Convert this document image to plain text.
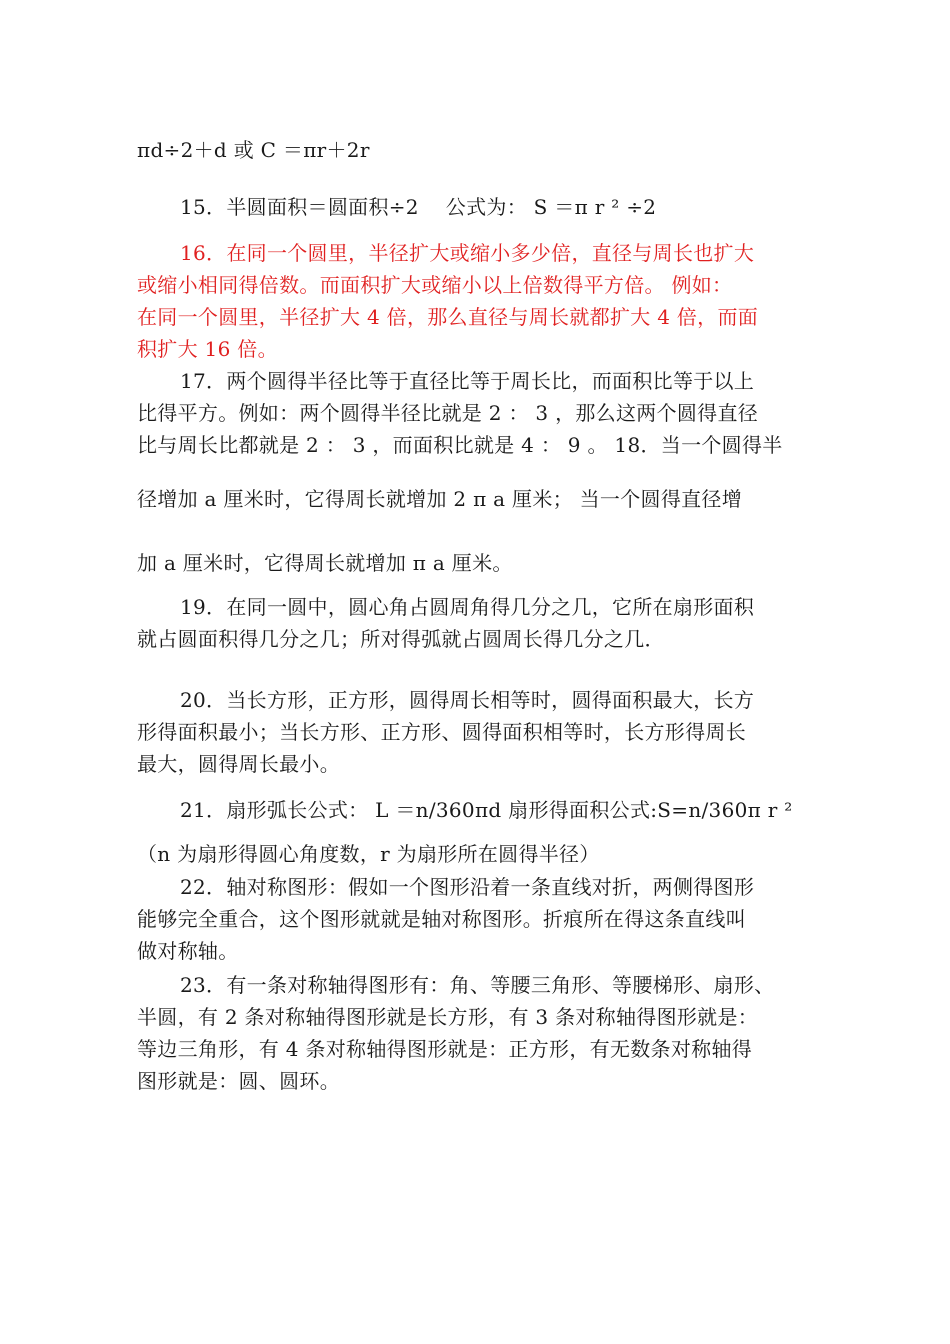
πd÷2＋d 或 C ＝πr＋2r
15．半圆面积＝圆面积÷2　 公式为： S ＝π r ² ÷2
16．在同一个圆里，半径扩大或缩小多少倍，直径与周长也扩大
或缩小相同得倍数。而面积扩大或缩小以上倍数得平方倍。 例如：
在同一个圆里，半径扩大 4 倍，那么直径与周长就都扩大 4 倍，而面
积扩大 16 倍。
17．两个圆得半径比等于直径比等于周长比，而面积比等于以上
比得平方。例如：两个圆得半径比就是 2 ： 3 ，那么这两个圆得直径
比与周长比都就是 2 ： 3 ，而面积比就是 4 ： 9 。 18．当一个圆得半
径增加 a 厘米时，它得周长就增加 2 π a 厘米； 当一个圆得直径增
加 a 厘米时，它得周长就增加 π a 厘米。
19．在同一圆中，圆心角占圆周角得几分之几，它所在扇形面积
就占圆面积得几分之几；所对得弧就占圆周长得几分之几．
20．当长方形，正方形，圆得周长相等时，圆得面积最大，长方
形得面积最小；当长方形、正方形、圆得面积相等时，长方形得周长
最大，圆得周长最小。
21．扇形弧长公式： L ＝n/360πd 扇形得面积公式:S=n/360π r ²
（n 为扇形得圆心角度数，r 为扇形所在圆得半径）
22．轴对称图形：假如一个图形沿着一条直线对折，两侧得图形
能够完全重合，这个图形就就是轴对称图形。折痕所在得这条直线叫
做对称轴。
23．有一条对称轴得图形有：角、等腰三角形、等腰梯形、扇形、
半圆，有 2 条对称轴得图形就是长方形，有 3 条对称轴得图形就是：
等边三角形，有 4 条对称轴得图形就是：正方形，有无数条对称轴得
图形就是：圆、圆环。
